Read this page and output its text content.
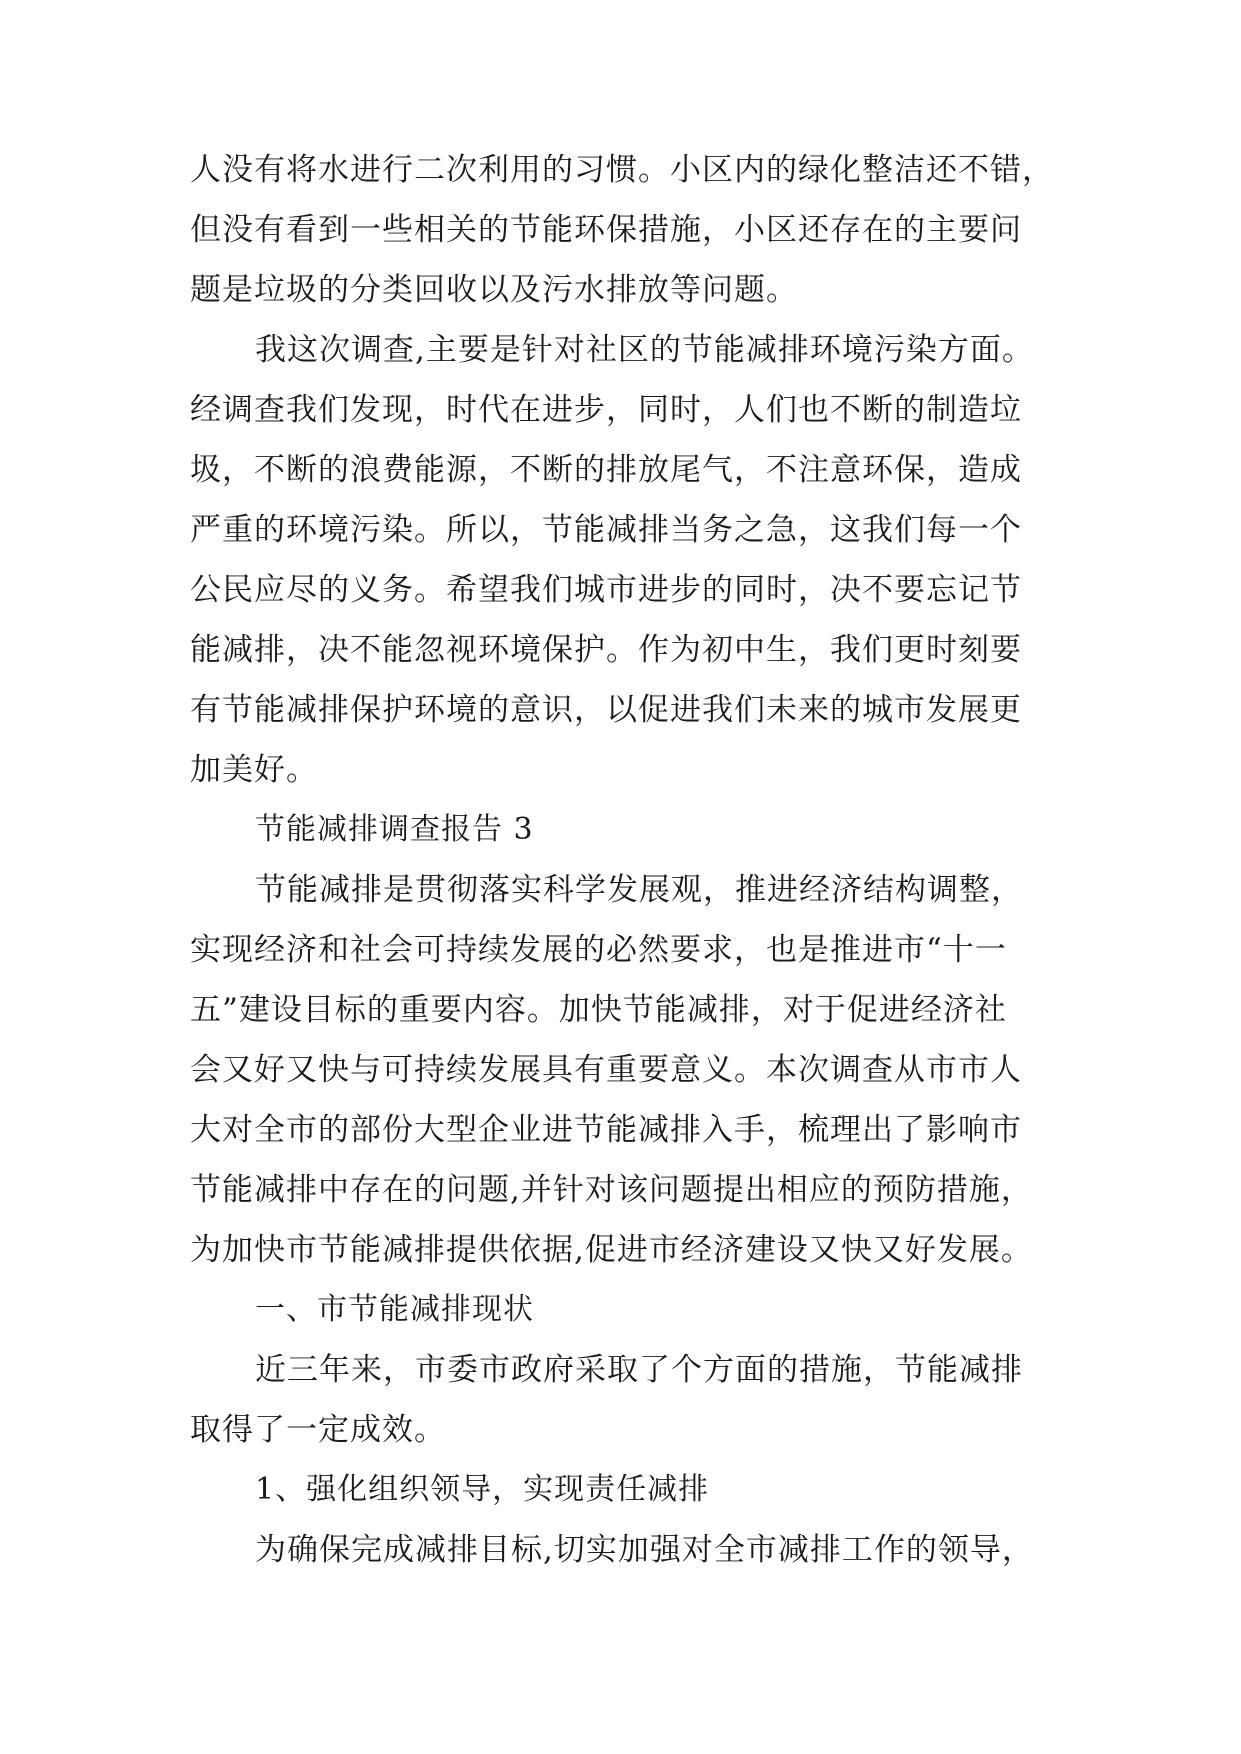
人没有将水进行二次利用的习惯。小区内的绿化整洁还不错，

但没有看到一些相关的节能环保措施，小区还存在的主要问

题是垃圾的分类回收以及污水排放等问题。

我这次调查,主要是针对社区的节能减排环境污染方面。

经调查我们发现，时代在进步，同时，人们也不断的制造垃

圾，不断的浪费能源，不断的排放尾气，不注意环保，造成

严重的环境污染。所以，节能减排当务之急，这我们每一个

公民应尽的义务。希望我们城市进步的同时，决不要忘记节

能减排，决不能忽视环境保护。作为初中生，我们更时刻要

有节能减排保护环境的意识，以促进我们未来的城市发展更

加美好。

节能减排调查报告 3

节能减排是贯彻落实科学发展观，推进经济结构调整，

实现经济和社会可持续发展的必然要求，也是推进市“十一

五”建设目标的重要内容。加快节能减排，对于促进经济社

会又好又快与可持续发展具有重要意义。本次调查从市市人

大对全市的部份大型企业进节能减排入手，梳理出了影响市

节能减排中存在的问题,并针对该问题提出相应的预防措施，

为加快市节能减排提供依据,促进市经济建设又快又好发展。

一、市节能减排现状

近三年来，市委市政府采取了个方面的措施，节能减排

取得了一定成效。

1、强化组织领导，实现责任减排

为确保完成减排目标,切实加强对全市减排工作的领导，
